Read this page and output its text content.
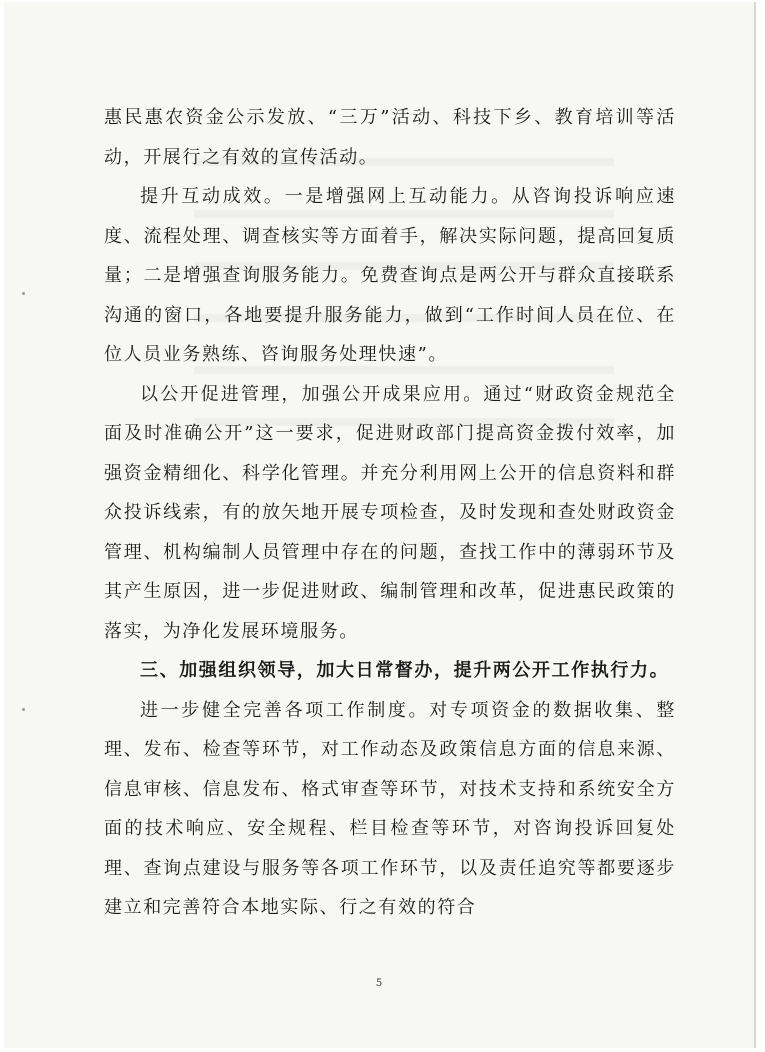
惠民惠农资金公示发放、“三万”活动、科技下乡、教育培训等活动，开展行之有效的宣传活动。

提升互动成效。一是增强网上互动能力。从咨询投诉响应速度、流程处理、调查核实等方面着手，解决实际问题，提高回复质量；二是增强查询服务能力。免费查询点是两公开与群众直接联系沟通的窗口，各地要提升服务能力，做到“工作时间人员在位、在位人员业务熟练、咨询服务处理快速”。

以公开促进管理，加强公开成果应用。通过“财政资金规范全面及时准确公开”这一要求，促进财政部门提高资金拨付效率，加强资金精细化、科学化管理。并充分利用网上公开的信息资料和群众投诉线索，有的放矢地开展专项检查，及时发现和查处财政资金管理、机构编制人员管理中存在的问题，查找工作中的薄弱环节及其产生原因，进一步促进财政、编制管理和改革，促进惠民政策的落实，为净化发展环境服务。

三、加强组织领导，加大日常督办，提升两公开工作执行力。

进一步健全完善各项工作制度。对专项资金的数据收集、整理、发布、检查等环节，对工作动态及政策信息方面的信息来源、信息审核、信息发布、格式审查等环节，对技术支持和系统安全方面的技术响应、安全规程、栏目检查等环节，对咨询投诉回复处理、查询点建设与服务等各项工作环节，以及责任追究等都要逐步建立和完善符合本地实际、行之有效的符合

5
